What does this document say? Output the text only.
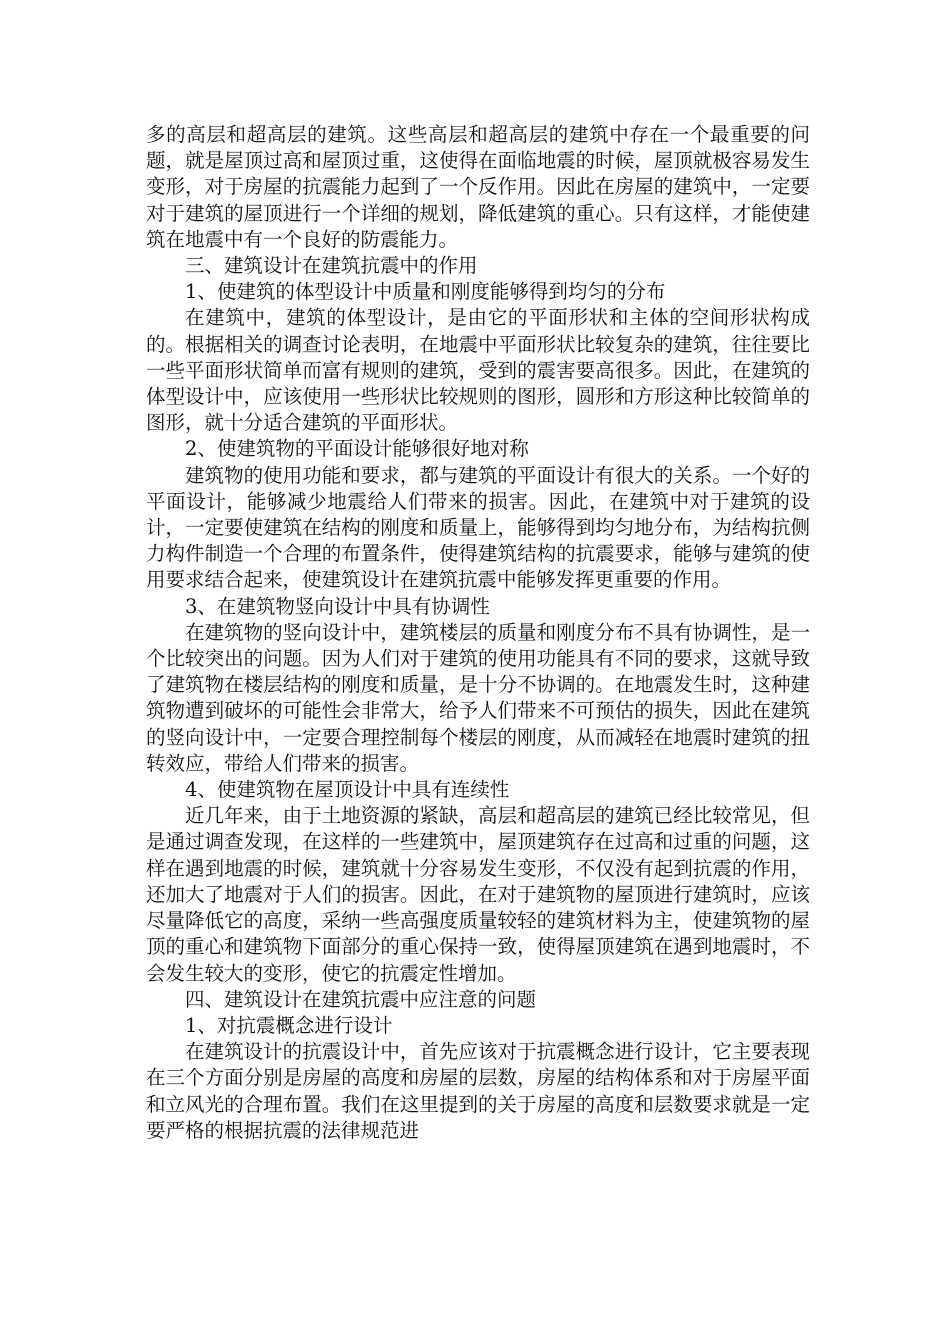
多的高层和超高层的建筑。这些高层和超高层的建筑中存在一个最重要的问题，就是屋顶过高和屋顶过重，这使得在面临地震的时候，屋顶就极容易发生变形，对于房屋的抗震能力起到了一个反作用。因此在房屋的建筑中，一定要对于建筑的屋顶进行一个详细的规划，降低建筑的重心。只有这样，才能使建筑在地震中有一个良好的防震能力。

三、建筑设计在建筑抗震中的作用

1、使建筑的体型设计中质量和刚度能够得到均匀的分布

在建筑中，建筑的体型设计，是由它的平面形状和主体的空间形状构成的。根据相关的调查讨论表明，在地震中平面形状比较复杂的建筑，往往要比一些平面形状简单而富有规则的建筑，受到的震害要高很多。因此，在建筑的体型设计中，应该使用一些形状比较规则的图形，圆形和方形这种比较简单的图形，就十分适合建筑的平面形状。

2、使建筑物的平面设计能够很好地对称

建筑物的使用功能和要求，都与建筑的平面设计有很大的关系。一个好的平面设计，能够减少地震给人们带来的损害。因此，在建筑中对于建筑的设计，一定要使建筑在结构的刚度和质量上，能够得到均匀地分布，为结构抗侧力构件制造一个合理的布置条件，使得建筑结构的抗震要求，能够与建筑的使用要求结合起来，使建筑设计在建筑抗震中能够发挥更重要的作用。

3、在建筑物竖向设计中具有协调性

在建筑物的竖向设计中，建筑楼层的质量和刚度分布不具有协调性，是一个比较突出的问题。因为人们对于建筑的使用功能具有不同的要求，这就导致了建筑物在楼层结构的刚度和质量，是十分不协调的。在地震发生时，这种建筑物遭到破坏的可能性会非常大，给予人们带来不可预估的损失，因此在建筑的竖向设计中，一定要合理控制每个楼层的刚度，从而减轻在地震时建筑的扭转效应，带给人们带来的损害。

4、使建筑物在屋顶设计中具有连续性

近几年来，由于土地资源的紧缺，高层和超高层的建筑已经比较常见，但是通过调查发现，在这样的一些建筑中，屋顶建筑存在过高和过重的问题，这样在遇到地震的时候，建筑就十分容易发生变形，不仅没有起到抗震的作用，还加大了地震对于人们的损害。因此，在对于建筑物的屋顶进行建筑时，应该尽量降低它的高度，采纳一些高强度质量较轻的建筑材料为主，使建筑物的屋顶的重心和建筑物下面部分的重心保持一致，使得屋顶建筑在遇到地震时，不会发生较大的变形，使它的抗震定性增加。

四、建筑设计在建筑抗震中应注意的问题

1、对抗震概念进行设计

在建筑设计的抗震设计中，首先应该对于抗震概念进行设计，它主要表现在三个方面分别是房屋的高度和房屋的层数，房屋的结构体系和对于房屋平面和立风光的合理布置。我们在这里提到的关于房屋的高度和层数要求就是一定要严格的根据抗震的法律规范进
